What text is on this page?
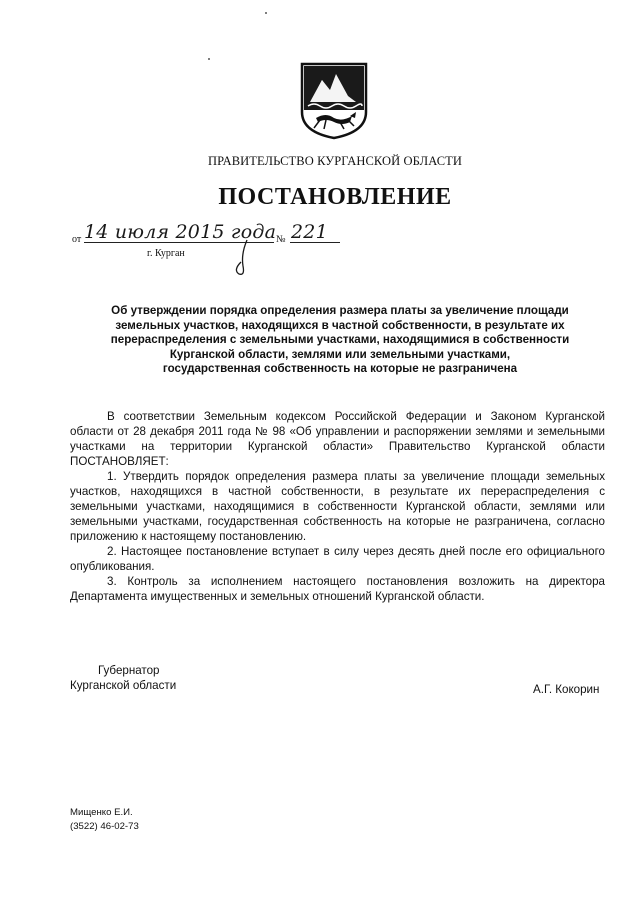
ПРАВИТЕЛЬСТВО КУРГАНСКОЙ ОБЛАСТИ
ПОСТАНОВЛЕНИЕ
от 14 июля 2015 года № 221
г. Курган
Об утверждении порядка определения размера платы за увеличение площади
земельных участков, находящихся в частной собственности, в результате их
перераспределения с земельными участками, находящимися в собственности
Курганской области, землями или земельными участками,
государственная собственность на которые не разграничена

В соответствии Земельным кодексом Российской Федерации и Законом Курганской области от 28 декабря 2011 года № 98 «Об управлении и распоряжении землями и земельными участками на территории Курганской области» Правительство Курганской области ПОСТАНОВЛЯЕТ:

1. Утвердить порядок определения размера платы за увеличение площади земельных участков, находящихся в частной собственности, в результате их перераспределения с земельными участками, находящимися в собственности Курганской области, землями или земельными участками, государственная собственность на которые не разграничена, согласно приложению к настоящему постановлению.

2. Настоящее постановление вступает в силу через десять дней после его официального опубликования.

3. Контроль за исполнением настоящего постановления возложить на директора Департамента имущественных и земельных отношений Курганской области.

Губернатор
Курганской области	А.Г. Кокорин
Мищенко Е.И.
(3522) 46-02-73
